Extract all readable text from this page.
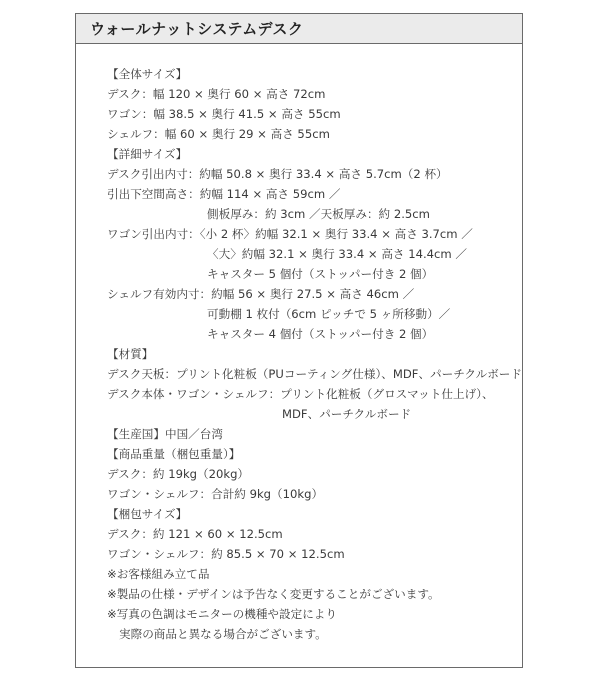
ウォールナットシステムデスク
【全体サイズ】
デスク：幅 120 × 奥行 60 × 高さ 72cm
ワゴン：幅 38.5 × 奥行 41.5 × 高さ 55cm
シェルフ：幅 60 × 奥行 29 × 高さ 55cm
【詳細サイズ】
デスク引出内寸：約幅 50.8 × 奥行 33.4 × 高さ 5.7cm（2 杯）
引出下空間高さ：約幅 114 × 高さ 59cm ／
側板厚み：約 3cm ／天板厚み：約 2.5cm
ワゴン引出内寸：〈小 2 杯〉約幅 32.1 × 奥行 33.4 × 高さ 3.7cm ／
〈大〉約幅 32.1 × 奥行 33.4 × 高さ 14.4cm ／
キャスター 5 個付（ストッパー付き 2 個）
シェルフ有効内寸：約幅 56 × 奥行 27.5 × 高さ 46cm ／
可動棚 1 枚付（6cm ピッチで 5 ヶ所移動）／
キャスター 4 個付（ストッパー付き 2 個）
【材質】
デスク天板：プリント化粧板（PUコーティング仕様）、MDF、パーチクルボード
デスク本体・ワゴン・シェルフ：プリント化粧板（グロスマット仕上げ）、
MDF、パーチクルボード
【生産国】中国／台湾
【商品重量（梱包重量）】
デスク：約 19kg（20kg）
ワゴン・シェルフ：合計約 9kg（10kg）
【梱包サイズ】
デスク：約 121 × 60 × 12.5cm
ワゴン・シェルフ：約 85.5 × 70 × 12.5cm
※お客様組み立て品
※製品の仕様・デザインは予告なく変更することがございます。
※写真の色調はモニターの機種や設定により
実際の商品と異なる場合がございます。
